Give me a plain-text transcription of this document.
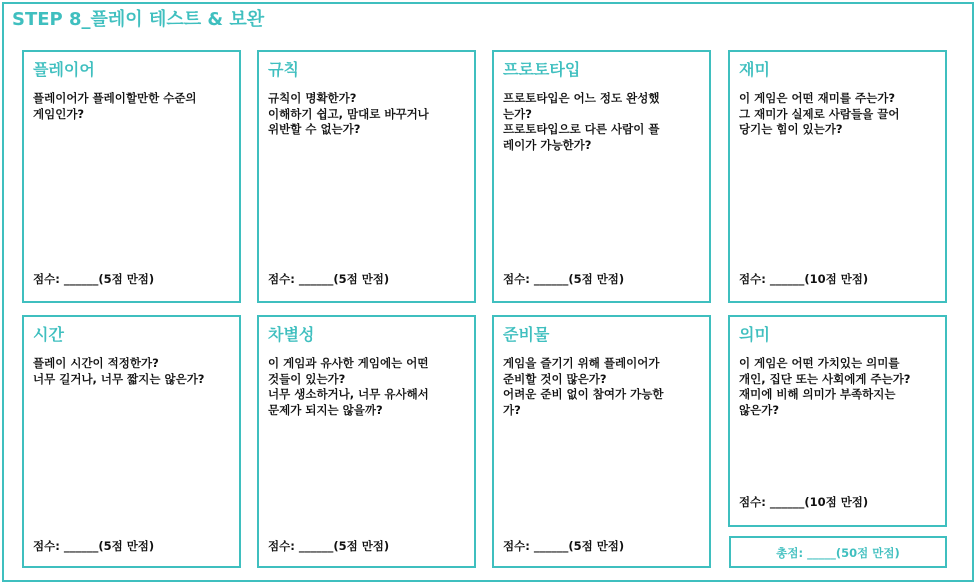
STEP 8_플레이 테스트 & 보완
플레이어
플레이어가 플레이할만한 수준의
게임인가?
점수: ______(5점 만점)
규칙
규칙이 명확한가?
이해하기 쉽고, 맘대로 바꾸거나
위반할 수 없는가?
점수: ______(5점 만점)
프로토타입
프로토타입은 어느 정도 완성했
는가?
프로토타입으로 다른 사람이 플
레이가 가능한가?
점수: ______(5점 만점)
재미
이 게임은 어떤 재미를 주는가?
그 재미가 실제로 사람들을 끌어
당기는 힘이 있는가?
점수: ______(10점 만점)
시간
플레이 시간이 적정한가?
너무 길거나, 너무 짧지는 않은가?
점수: ______(5점 만점)
차별성
이 게임과 유사한 게임에는 어떤
것들이 있는가?
너무 생소하거나, 너무 유사해서
문제가 되지는 않을까?
점수: ______(5점 만점)
준비물
게임을 즐기기 위해 플레이어가
준비할 것이 많은가?
어려운 준비 없이 참여가 가능한
가?
점수: ______(5점 만점)
의미
이 게임은 어떤 가치있는 의미를
개인, 집단 또는 사회에게 주는가?
재미에 비해 의미가 부족하지는
않은가?
점수: ______(10점 만점)
총점: _____(50점 만점)
